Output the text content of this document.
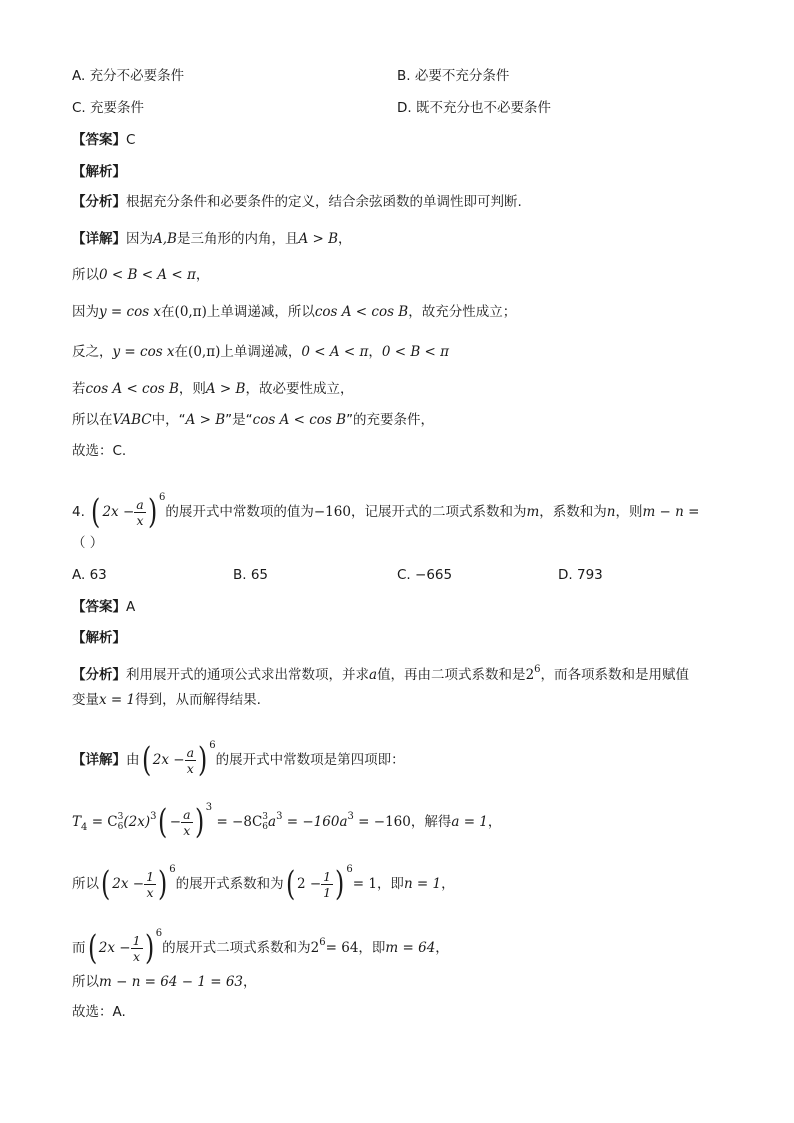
A. 充分不必要条件	B. 必要不充分条件
C. 充要条件	D. 既不充分也不必要条件
【答案】C
【解析】
【分析】根据充分条件和必要条件的定义，结合余弦函数的单调性即可判断.
【详解】因为A,B是三角形的内角，且A > B，
所以0 < B < A < π，
因为y = cos x在(0,π)上单调递减，所以cos A < cos B，故充分性成立；
反之，y = cos x在(0,π)上单调递减，0 < A < π，0 < B < π
若cos A < cos B，则A > B，故必要性成立，
所以在VABC中，“A > B”是“cos A < cos B”的充要条件，
故选：C.
4. ( $2x - \frac{a}{x}$ ) $^6$的展开式中常数项的值为−160，记展开式的二项式系数和为m，系数和为n，则m − n =
（ ）
A. 63	B. 65	C. −665	D. 793
【答案】A
【解析】
【分析】利用展开式的通项公式求出常数项，并求a值，再由二项式系数和是$2^6$，而各项系数和是用赋值
变量x = 1得到，从而解得结果.
【详解】由( $2x - \frac{a}{x}$ ) $^6$的展开式中常数项是第四项即：
$T_4 = C$ 3
6 $(2x)^3( - \frac{a}{x}$ ) $^3$ = −8C 3
6 $a^3 = -160a^3 = -160$，解得a = 1，
所以( $2x - \frac{1}{x}$ ) $^6$的展开式系数和为( $2 - \frac{1}{1}$ ) $^6$= 1，即n = 1，
而( $2x - \frac{1}{x}$ ) $^6$的展开式二项式系数和为$2^6= 64$，即m = 64，
所以m − n = 64 − 1 = 63，
故选：A.
